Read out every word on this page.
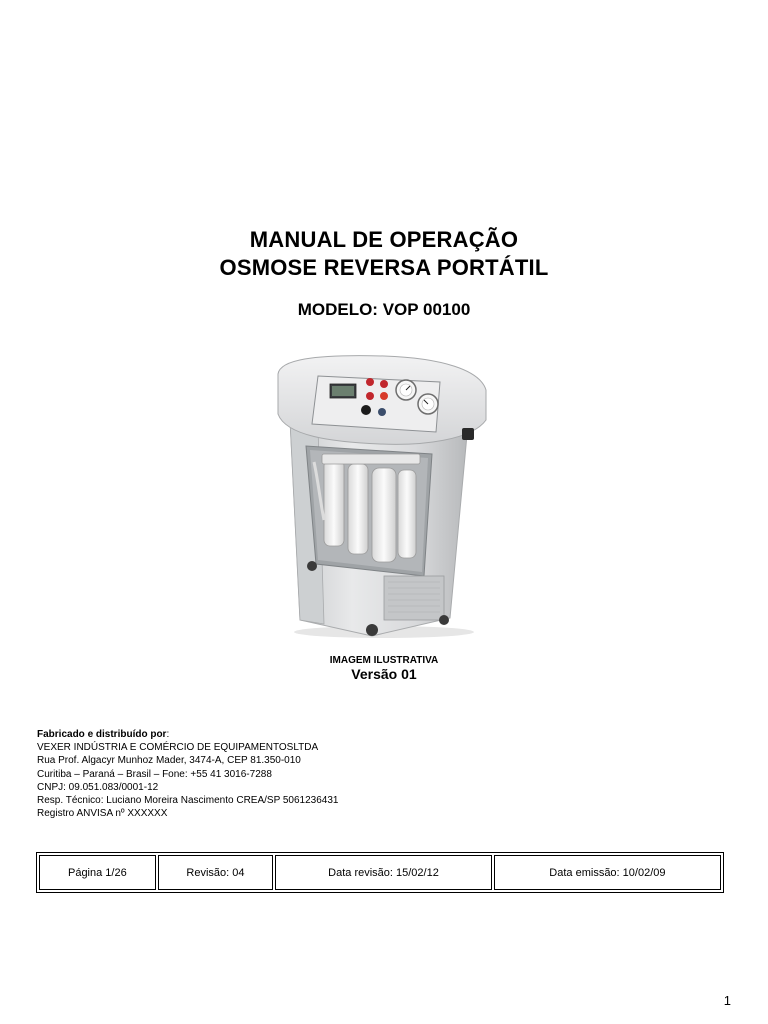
MANUAL DE OPERAÇÃO
OSMOSE REVERSA PORTÁTIL
MODELO: VOP 00100
IMAGEM ILUSTRATIVA
Versão 01
Fabricado e distribuído por:
VEXER INDÚSTRIA E COMÉRCIO DE EQUIPAMENTOSLTDA
Rua Prof. Algacyr Munhoz Mader, 3474-A, CEP 81.350-010
Curitiba – Paraná – Brasil – Fone: +55 41 3016-7288
CNPJ: 09.051.083/0001-12
Resp. Técnico: Luciano Moreira Nascimento CREA/SP 5061236431
Registro ANVISA nº XXXXXX
Página 1/26	Revisão: 04	Data revisão: 15/02/12	Data emissão: 10/02/09
1
